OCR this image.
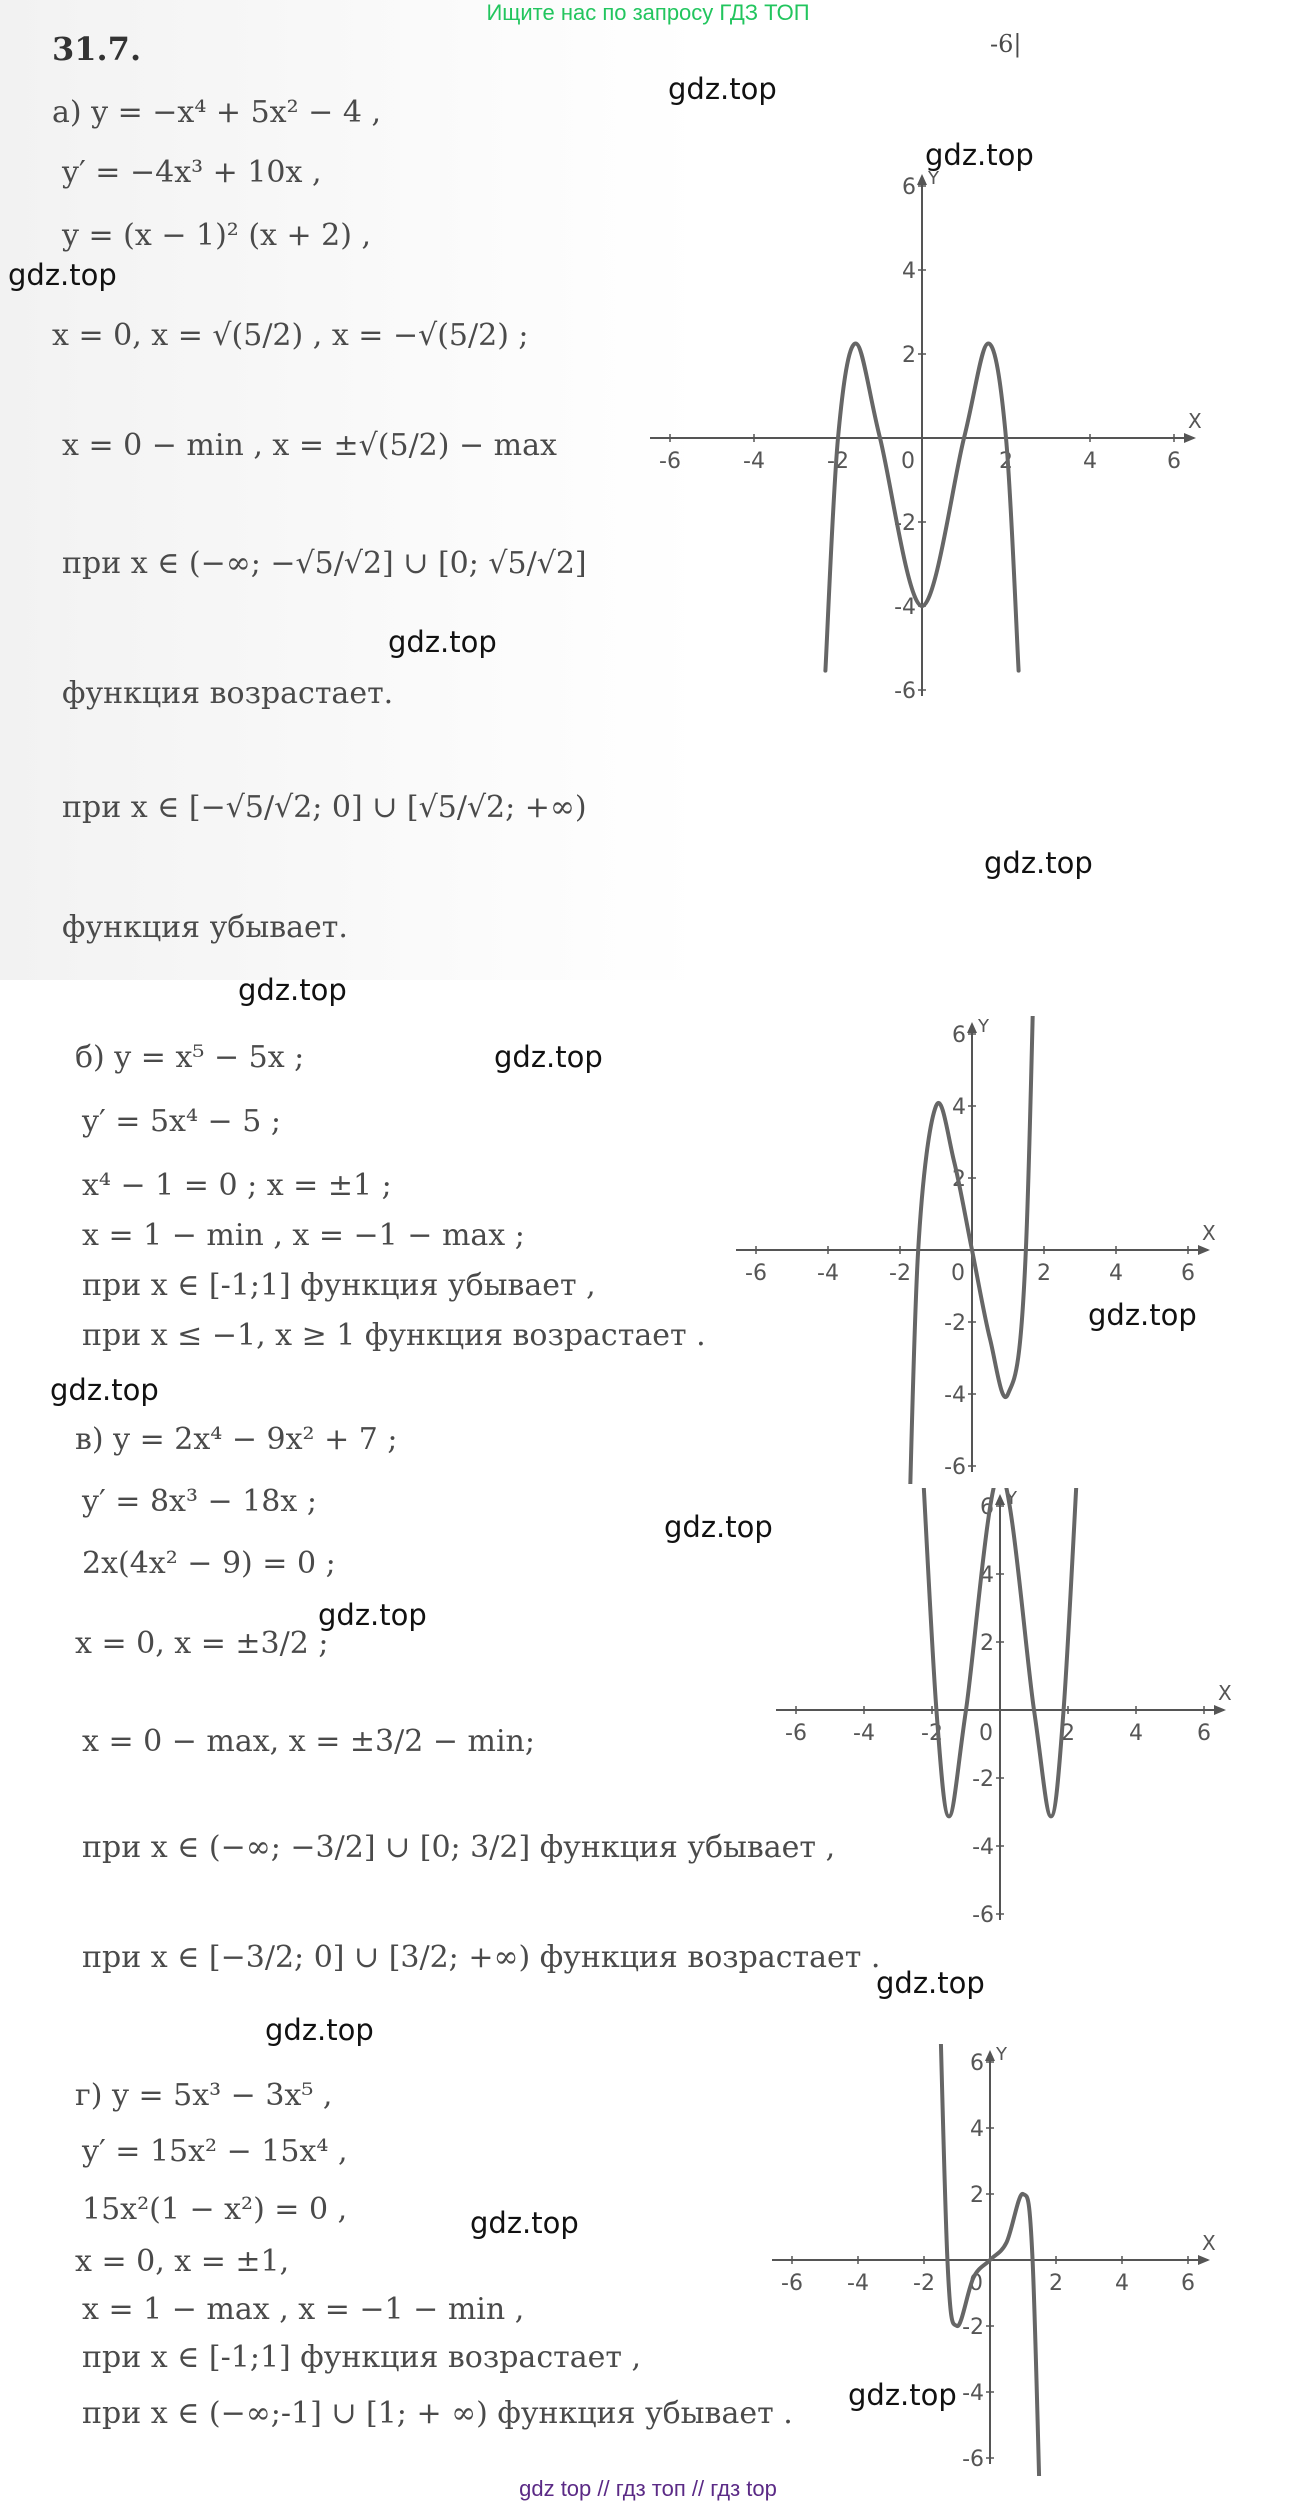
Ищите нас по запросу ГДЗ ТОП
31.7.	-6|
а) y = −x⁴ + 5x² − 4 ,
y′ = −4x³ + 10x ,
y = (x − 1)² (x + 2) ,
x = 0, x = √(5/2) , x = −√(5/2) ;
x = 0 − min , x = ±√(5/2) − max
при x ∈ (−∞; −√5/√2] ∪ [0; √5/√2]
функция возрастает.
при x ∈ [−√5/√2; 0] ∪ [√5/√2; +∞)
функция убывает.
б) y = x⁵ − 5x ;
y′ = 5x⁴ − 5 ;
x⁴ − 1 = 0 ; x = ±1 ;
x = 1 − min , x = −1 − max ;
при x ∈ [-1;1] функция убывает ,
при x ≤ −1, x ≥ 1 функция возрастает .
в) y = 2x⁴ − 9x² + 7 ;
y′ = 8x³ − 18x ;
2x(4x² − 9) = 0 ;
x = 0, x = ±3/2 ;
x = 0 − max, x = ±3/2 − min;
при x ∈ (−∞; −3/2] ∪ [0; 3/2] функция убывает ,
при x ∈ [−3/2; 0] ∪ [3/2; +∞) функция возрастает .
г) y = 5x³ − 3x⁵ ,
y′ = 15x² − 15x⁴ ,
15x²(1 − x²) = 0 ,
x = 0, x = ±1,
x = 1 − max , x = −1 − min ,
при x ∈ [-1;1] функция возрастает ,
при x ∈ (−∞;-1] ∪ [1; + ∞) функция убывает .
gdz.top
gdz.top
gdz.top
gdz.top
gdz.top
gdz.top
gdz.top
gdz.top
gdz.top
gdz.top
gdz.top
gdz.top
gdz.top
gdz.top
gdz.top
X
Y
-6	-4	-2 0	2	4	6
6
4
2
-2
-4
-6
X
Y
-6 -4 -2 0	2	4	6
6
4
2
-2
-4
-6
X
Y
-6 -4 -2 0	2 4 6
6
4
2
-2
-4
-6
X
Y
-6 -4 -2 0	2 4 6
6
4
2
-2
-4
-6
gdz top // гдз топ // гдз top
